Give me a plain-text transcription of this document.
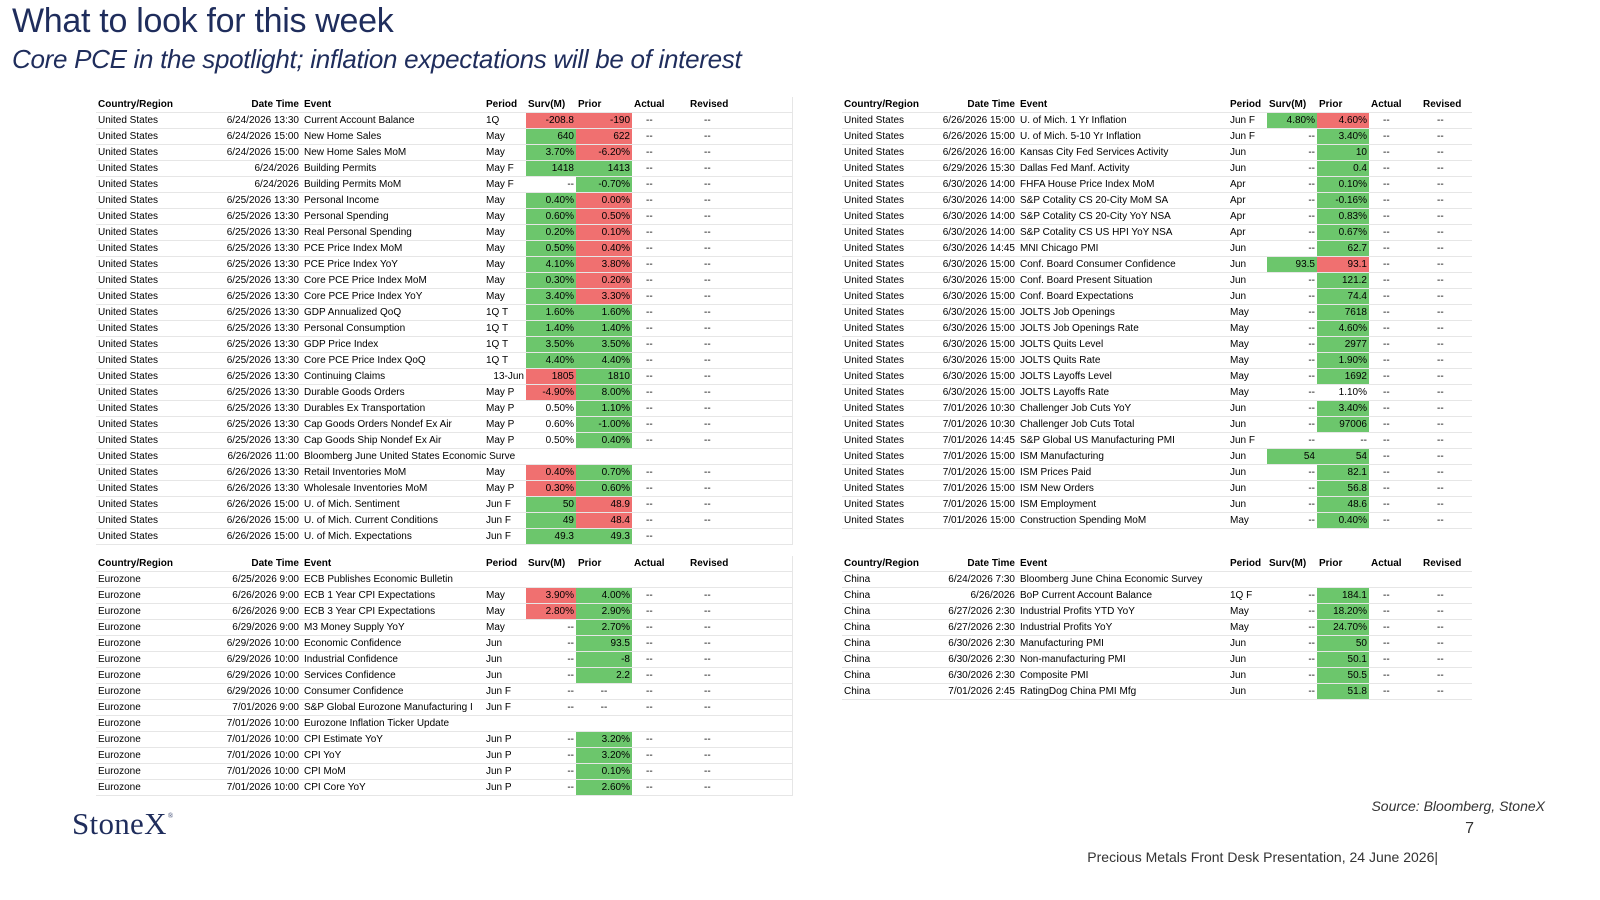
What to look for this week
Core PCE in the spotlight; inflation expectations will be of interest
Country/Region	Date Time	Event	Period	Surv(M)	Prior	Actual	Revised	
United States	6/24/2026 13:30	Current Account Balance	1Q	-208.8	-190	--	--	
United States	6/24/2026 15:00	New Home Sales	May	640	622	--	--	
United States	6/24/2026 15:00	New Home Sales MoM	May	3.70%	-6.20%	--	--	
United States	6/24/2026	Building Permits	May F	1418	1413	--	--	
United States	6/24/2026	Building Permits MoM	May F	--	-0.70%	--	--	
United States	6/25/2026 13:30	Personal Income	May	0.40%	0.00%	--	--	
United States	6/25/2026 13:30	Personal Spending	May	0.60%	0.50%	--	--	
United States	6/25/2026 13:30	Real Personal Spending	May	0.20%	0.10%	--	--	
United States	6/25/2026 13:30	PCE Price Index MoM	May	0.50%	0.40%	--	--	
United States	6/25/2026 13:30	PCE Price Index YoY	May	4.10%	3.80%	--	--	
United States	6/25/2026 13:30	Core PCE Price Index MoM	May	0.30%	0.20%	--	--	
United States	6/25/2026 13:30	Core PCE Price Index YoY	May	3.40%	3.30%	--	--	
United States	6/25/2026 13:30	GDP Annualized QoQ	1Q T	1.60%	1.60%	--	--	
United States	6/25/2026 13:30	Personal Consumption	1Q T	1.40%	1.40%	--	--	
United States	6/25/2026 13:30	GDP Price Index	1Q T	3.50%	3.50%	--	--	
United States	6/25/2026 13:30	Core PCE Price Index QoQ	1Q T	4.40%	4.40%	--	--	
United States	6/25/2026 13:30	Continuing Claims	13-Jun	1805	1810	--	--	
United States	6/25/2026 13:30	Durable Goods Orders	May P	-4.90%	8.00%	--	--	
United States	6/25/2026 13:30	Durables Ex Transportation	May P	0.50%	1.10%	--	--	
United States	6/25/2026 13:30	Cap Goods Orders Nondef Ex Air	May P	0.60%	-1.00%	--	--	
United States	6/25/2026 13:30	Cap Goods Ship Nondef Ex Air	May P	0.50%	0.40%	--	--	
United States	6/26/2026 11:00	Bloomberg June United States Economic Surve						
United States	6/26/2026 13:30	Retail Inventories MoM	May	0.40%	0.70%	--	--	
United States	6/26/2026 13:30	Wholesale Inventories MoM	May P	0.30%	0.60%	--	--	
United States	6/26/2026 15:00	U. of Mich. Sentiment	Jun F	50	48.9	--	--	
United States	6/26/2026 15:00	U. of Mich. Current Conditions	Jun F	49	48.4	--	--	
United States	6/26/2026 15:00	U. of Mich. Expectations	Jun F	49.3	49.3	--		
Country/Region	Date Time	Event	Period	Surv(M)	Prior	Actual	Revised
United States	6/26/2026 15:00	U. of Mich. 1 Yr Inflation	Jun F	4.80%	4.60%	--	--
United States	6/26/2026 15:00	U. of Mich. 5-10 Yr Inflation	Jun F	--	3.40%	--	--
United States	6/26/2026 16:00	Kansas City Fed Services Activity	Jun	--	10	--	--
United States	6/29/2026 15:30	Dallas Fed Manf. Activity	Jun	--	0.4	--	--
United States	6/30/2026 14:00	FHFA House Price Index MoM	Apr	--	0.10%	--	--
United States	6/30/2026 14:00	S&P Cotality CS 20-City MoM SA	Apr	--	-0.16%	--	--
United States	6/30/2026 14:00	S&P Cotality CS 20-City YoY NSA	Apr	--	0.83%	--	--
United States	6/30/2026 14:00	S&P Cotality CS US HPI YoY NSA	Apr	--	0.67%	--	--
United States	6/30/2026 14:45	MNI Chicago PMI	Jun	--	62.7	--	--
United States	6/30/2026 15:00	Conf. Board Consumer Confidence	Jun	93.5	93.1	--	--
United States	6/30/2026 15:00	Conf. Board Present Situation	Jun	--	121.2	--	--
United States	6/30/2026 15:00	Conf. Board Expectations	Jun	--	74.4	--	--
United States	6/30/2026 15:00	JOLTS Job Openings	May	--	7618	--	--
United States	6/30/2026 15:00	JOLTS Job Openings Rate	May	--	4.60%	--	--
United States	6/30/2026 15:00	JOLTS Quits Level	May	--	2977	--	--
United States	6/30/2026 15:00	JOLTS Quits Rate	May	--	1.90%	--	--
United States	6/30/2026 15:00	JOLTS Layoffs Level	May	--	1692	--	--
United States	6/30/2026 15:00	JOLTS Layoffs Rate	May	--	1.10%	--	--
United States	7/01/2026 10:30	Challenger Job Cuts YoY	Jun	--	3.40%	--	--
United States	7/01/2026 10:30	Challenger Job Cuts Total	Jun	--	97006	--	--
United States	7/01/2026 14:45	S&P Global US Manufacturing PMI	Jun F	--	--	--	--
United States	7/01/2026 15:00	ISM Manufacturing	Jun	54	54	--	--
United States	7/01/2026 15:00	ISM Prices Paid	Jun	--	82.1	--	--
United States	7/01/2026 15:00	ISM New Orders	Jun	--	56.8	--	--
United States	7/01/2026 15:00	ISM Employment	Jun	--	48.6	--	--
United States	7/01/2026 15:00	Construction Spending MoM	May	--	0.40%	--	--
Country/Region	Date Time	Event	Period	Surv(M)	Prior	Actual	Revised	
Eurozone	6/25/2026 9:00	ECB Publishes Economic Bulletin						
Eurozone	6/26/2026 9:00	ECB 1 Year CPI Expectations	May	3.90%	4.00%	--	--	
Eurozone	6/26/2026 9:00	ECB 3 Year CPI Expectations	May	2.80%	2.90%	--	--	
Eurozone	6/29/2026 9:00	M3 Money Supply YoY	May	--	2.70%	--	--	
Eurozone	6/29/2026 10:00	Economic Confidence	Jun	--	93.5	--	--	
Eurozone	6/29/2026 10:00	Industrial Confidence	Jun	--	-8	--	--	
Eurozone	6/29/2026 10:00	Services Confidence	Jun	--	2.2	--	--	
Eurozone	6/29/2026 10:00	Consumer Confidence	Jun F	--	--	--	--	
Eurozone	7/01/2026 9:00	S&P Global Eurozone Manufacturing I	Jun F	--	--	--	--	
Eurozone	7/01/2026 10:00	Eurozone Inflation Ticker Update						
Eurozone	7/01/2026 10:00	CPI Estimate YoY	Jun P	--	3.20%	--	--	
Eurozone	7/01/2026 10:00	CPI YoY	Jun P	--	3.20%	--	--	
Eurozone	7/01/2026 10:00	CPI MoM	Jun P	--	0.10%	--	--	
Eurozone	7/01/2026 10:00	CPI Core YoY	Jun P	--	2.60%	--	--	
Country/Region	Date Time	Event	Period	Surv(M)	Prior	Actual	Revised
China	6/24/2026 7:30	Bloomberg June China Economic Survey					
China	6/26/2026	BoP Current Account Balance	1Q F	--	184.1	--	--
China	6/27/2026 2:30	Industrial Profits YTD YoY	May	--	18.20%	--	--
China	6/27/2026 2:30	Industrial Profits YoY	May	--	24.70%	--	--
China	6/30/2026 2:30	Manufacturing PMI	Jun	--	50	--	--
China	6/30/2026 2:30	Non-manufacturing PMI	Jun	--	50.1	--	--
China	6/30/2026 2:30	Composite PMI	Jun	--	50.5	--	--
China	7/01/2026 2:45	RatingDog China PMI Mfg	Jun	--	51.8	--	--
StoneX®
Source: Bloomberg, StoneX
7
Precious Metals Front Desk Presentation, 24 June 2026|
